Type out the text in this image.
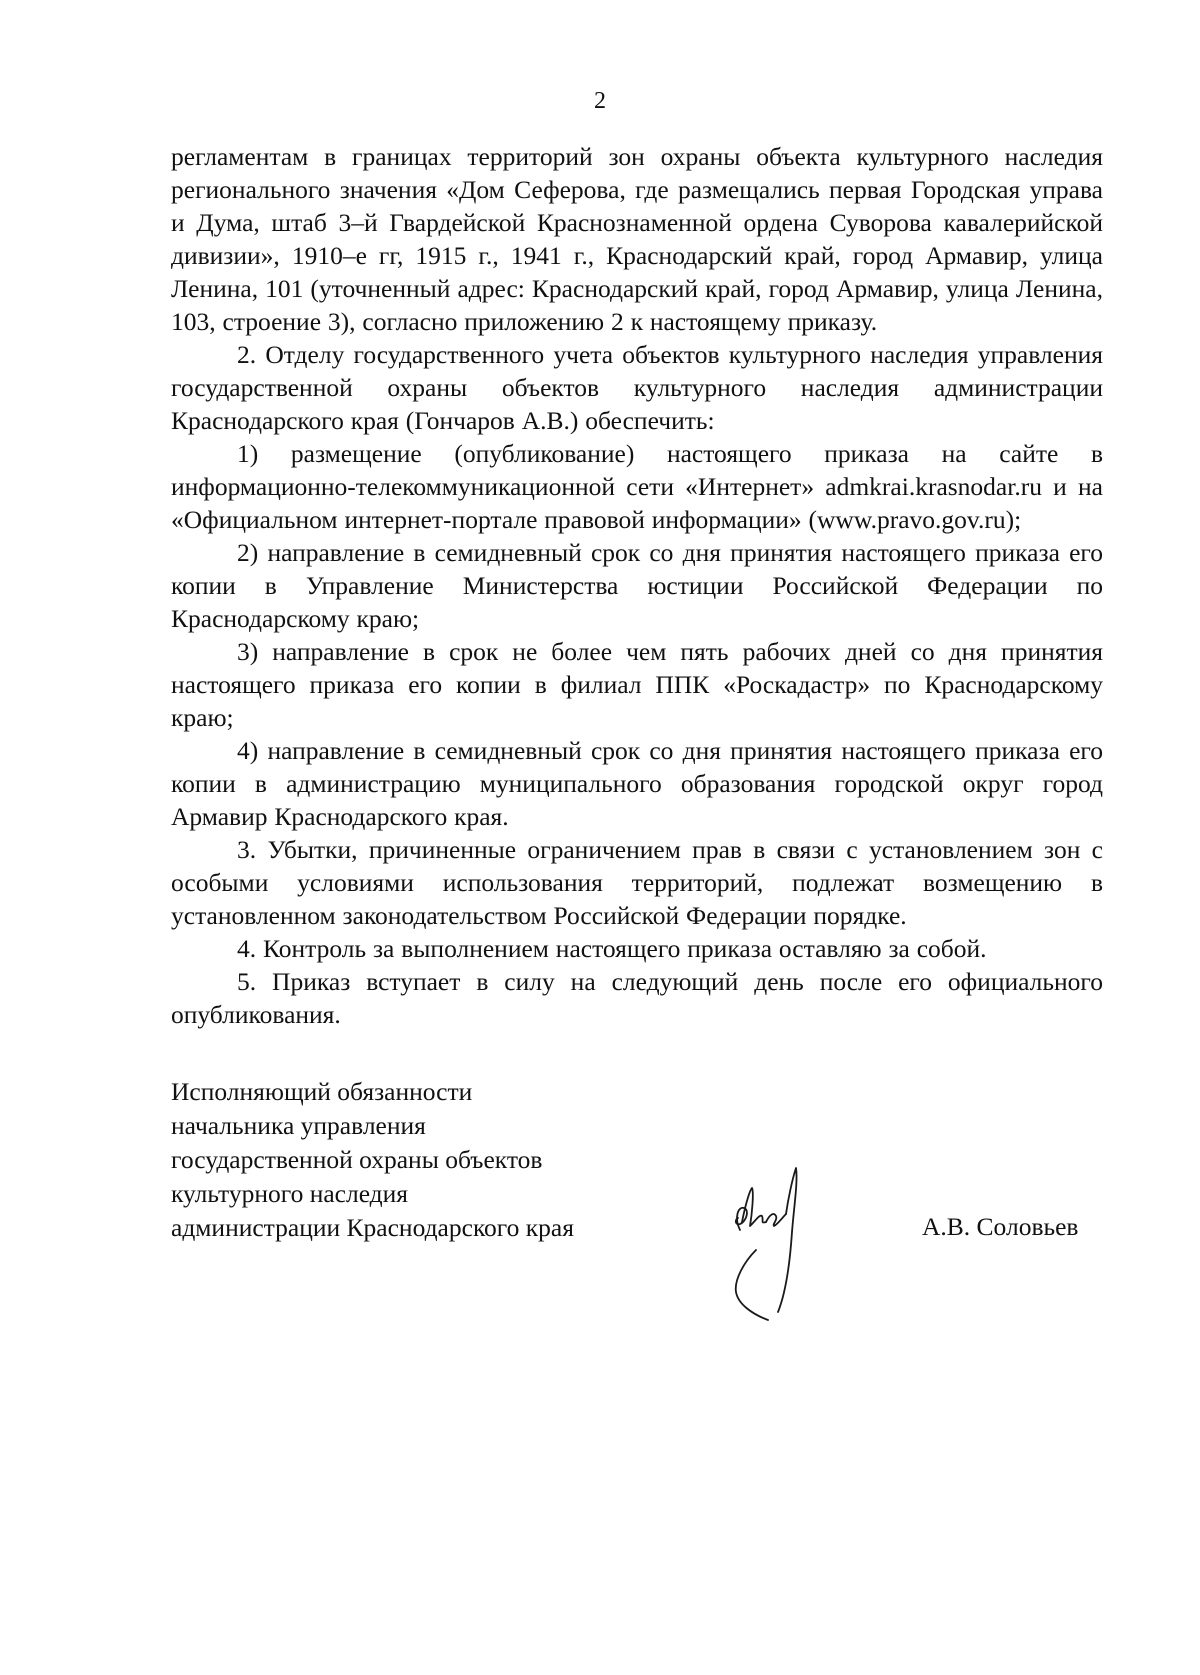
2

регламентам в границах территорий зон охраны объекта культурного наследия регионального значения «Дом Сеферова, где размещались первая Городская управа и Дума, штаб 3–й Гвардейской Краснознаменной ордена Суворова кавалерийской дивизии», 1910–е гг, 1915 г., 1941 г., Краснодарский край, город Армавир, улица Ленина, 101 (уточненный адрес: Краснодарский край, город Армавир, улица Ленина, 103, строение 3), согласно приложению 2 к настоящему приказу.

2. Отделу государственного учета объектов культурного наследия управления государственной охраны объектов культурного наследия администрации Краснодарского края (Гончаров А.В.) обеспечить:

1) размещение (опубликование) настоящего приказа на сайте в информационно-телекоммуникационной сети «Интернет» admkrai.krasnodar.ru и на «Официальном интернет-портале правовой информации» (www.pravo.gov.ru);

2) направление в семидневный срок со дня принятия настоящего приказа его копии в Управление Министерства юстиции Российской Федерации по Краснодарскому краю;

3) направление в срок не более чем пять рабочих дней со дня принятия настоящего приказа его копии в филиал ППК «Роскадастр» по Краснодарскому краю;

4) направление в семидневный срок со дня принятия настоящего приказа его копии в администрацию муниципального образования городской округ город Армавир Краснодарского края.

3. Убытки, причиненные ограничением прав в связи с установлением зон с особыми условиями использования территорий, подлежат возмещению в установленном законодательством Российской Федерации порядке.

4. Контроль за выполнением настоящего приказа оставляю за собой.

5. Приказ вступает в силу на следующий день после его официального опубликования.

Исполняющий обязанности
начальника управления
государственной охраны объектов
культурного наследия
администрации Краснодарского края	А.В. Соловьев
